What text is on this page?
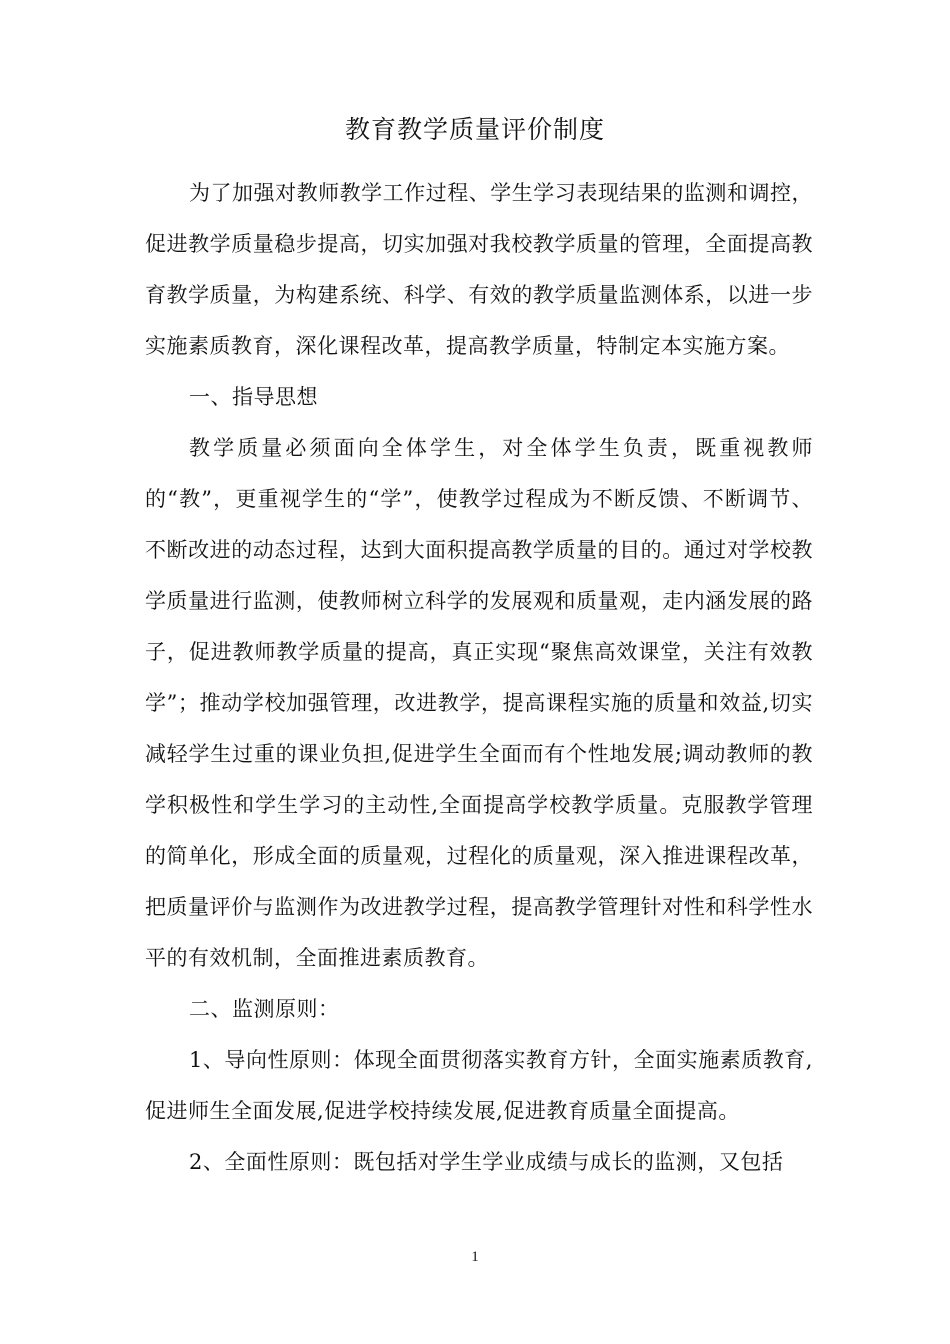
教育教学质量评价制度

为了加强对教师教学工作过程、学生学习表现结果的监测和调控，促进教学质量稳步提高，切实加强对我校教学质量的管理，全面提高教育教学质量，为构建系统、科学、有效的教学质量监测体系，以进一步实施素质教育，深化课程改革，提高教学质量，特制定本实施方案。

一、指导思想

教学质量必须面向全体学生，对全体学生负责，既重视教师的“教”，更重视学生的“学”，使教学过程成为不断反馈、不断调节、不断改进的动态过程，达到大面积提高教学质量的目的。通过对学校教学质量进行监测，使教师树立科学的发展观和质量观，走内涵发展的路子，促进教师教学质量的提高，真正实现“聚焦高效课堂，关注有效教学”；推动学校加强管理，改进教学，提高课程实施的质量和效益,切实减轻学生过重的课业负担,促进学生全面而有个性地发展;调动教师的教学积极性和学生学习的主动性,全面提高学校教学质量。克服教学管理的简单化，形成全面的质量观，过程化的质量观，深入推进课程改革，把质量评价与监测作为改进教学过程，提高教学管理针对性和科学性水平的有效机制，全面推进素质教育。

二、监测原则：

1、导向性原则：体现全面贯彻落实教育方针，全面实施素质教育,促进师生全面发展,促进学校持续发展,促进教育质量全面提高。

2、全面性原则：既包括对学生学业成绩与成长的监测，又包括

1
